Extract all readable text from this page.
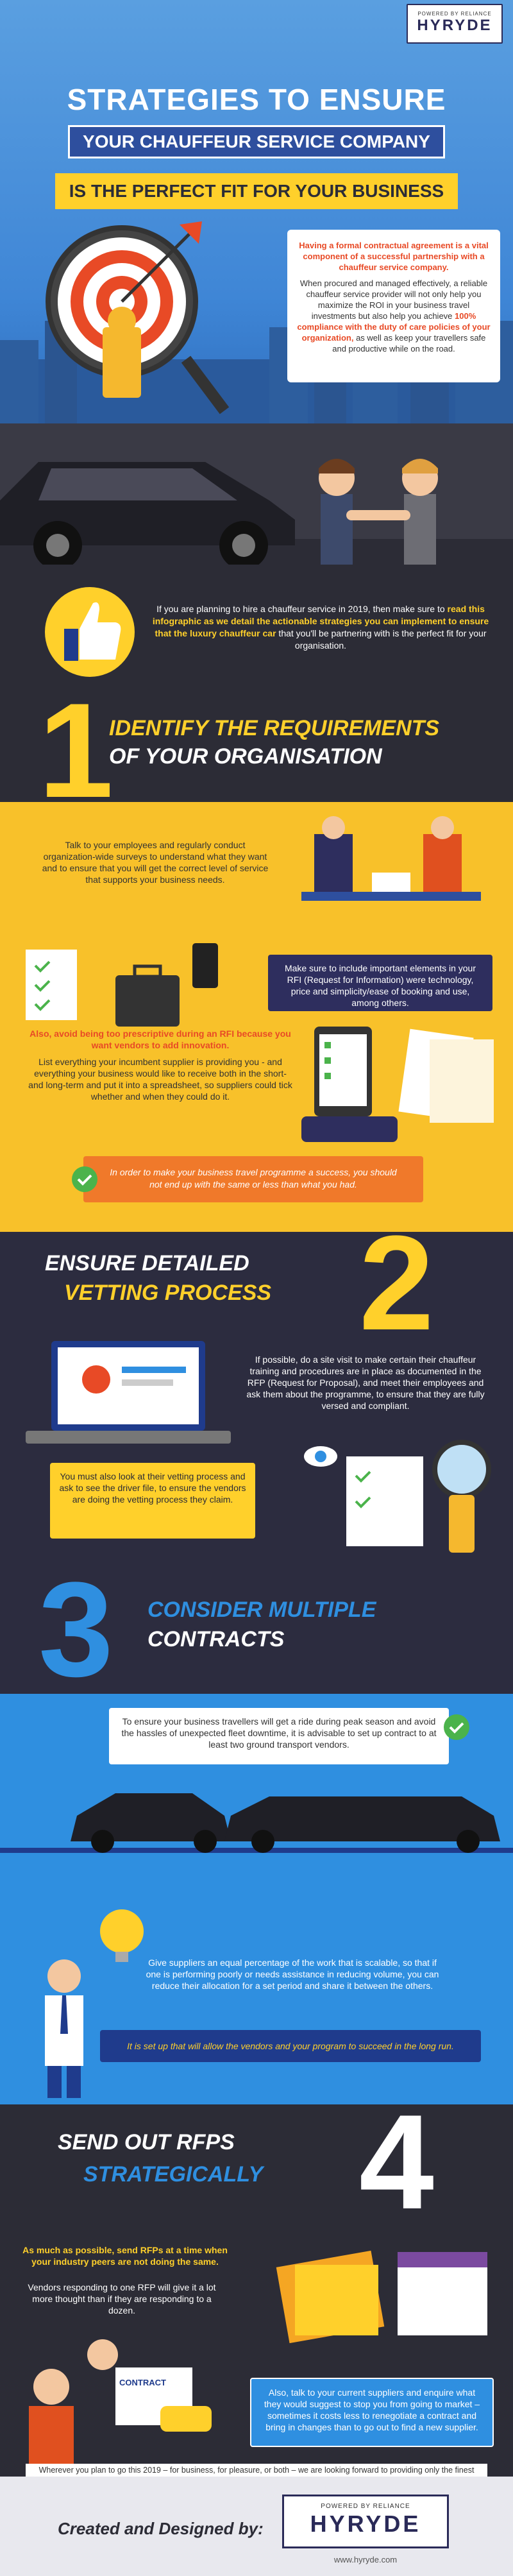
POWERED BY RELIANCE
HYRYDE
STRATEGIES TO ENSURE
YOUR CHAUFFEUR SERVICE COMPANY
IS THE PERFECT FIT FOR YOUR BUSINESS

Having a formal contractual agreement is a vital component of a successful partnership with a chauffeur service company.

When procured and managed effectively, a reliable chauffeur service provider will not only help you maximize the ROI in your business travel investments but also help you achieve 100% compliance with the duty of care policies of your organization, as well as keep your travellers safe and productive while on the road.

If you are planning to hire a chauffeur service in 2019, then make sure to read this infographic as we detail the actionable strategies you can implement to ensure that the luxury chauffeur car that you'll be partnering with is the perfect fit for your organisation.
1
IDENTIFY THE REQUIREMENTS
OF YOUR ORGANISATION
Talk to your employees and regularly conduct organization-wide surveys to understand what they want and to ensure that you will get the correct level of service that supports your business needs.
Make sure to include important elements in your RFI (Request for Information) were technology, price and simplicity/ease of booking and use, among others.
Also, avoid being too prescriptive during an RFI because you want vendors to add innovation.
List everything your incumbent supplier is providing you - and everything your business would like to receive both in the short- and long-term and put it into a spreadsheet, so suppliers could tick whether and when they could do it.
In order to make your business travel programme a success, you should not end up with the same or less than what you had.
ENSURE DETAILED
VETTING PROCESS 2
If possible, do a site visit to make certain their chauffeur training and procedures are in place as documented in the RFP (Request for Proposal), and meet their employees and ask them about the programme, to ensure that they are fully versed and compliant.
You must also look at their vetting process and ask to see the driver file, to ensure the vendors are doing the vetting process they claim.
3 CONSIDER MULTIPLE
CONTRACTS
To ensure your business travellers will get a ride during peak season and avoid the hassles of unexpected fleet downtime, it is advisable to set up contract to at least two ground transport vendors.
Give suppliers an equal percentage of the work that is scalable, so that if one is performing poorly or needs assistance in reducing volume, you can reduce their allocation for a set period and share it between the others.
It is set up that will allow the vendors and your program to succeed in the long run.
SEND OUT RFPS
STRATEGICALLY 4
As much as possible, send RFPs at a time when your industry peers are not doing the same.
Vendors responding to one RFP will give it a lot more thought than if they are responding to a dozen.
CONTRACT
Also, talk to your current suppliers and enquire what they would suggest to stop you from going to market – sometimes it costs less to renegotiate a contract and bring in changes than to go out to find a new supplier.
Wherever you plan to go this 2019 – for business, for pleasure, or both – we are looking forward to providing only the finest
Created and Designed by:
POWERED BY RELIANCE
HYRYDE
www.hyryde.com
